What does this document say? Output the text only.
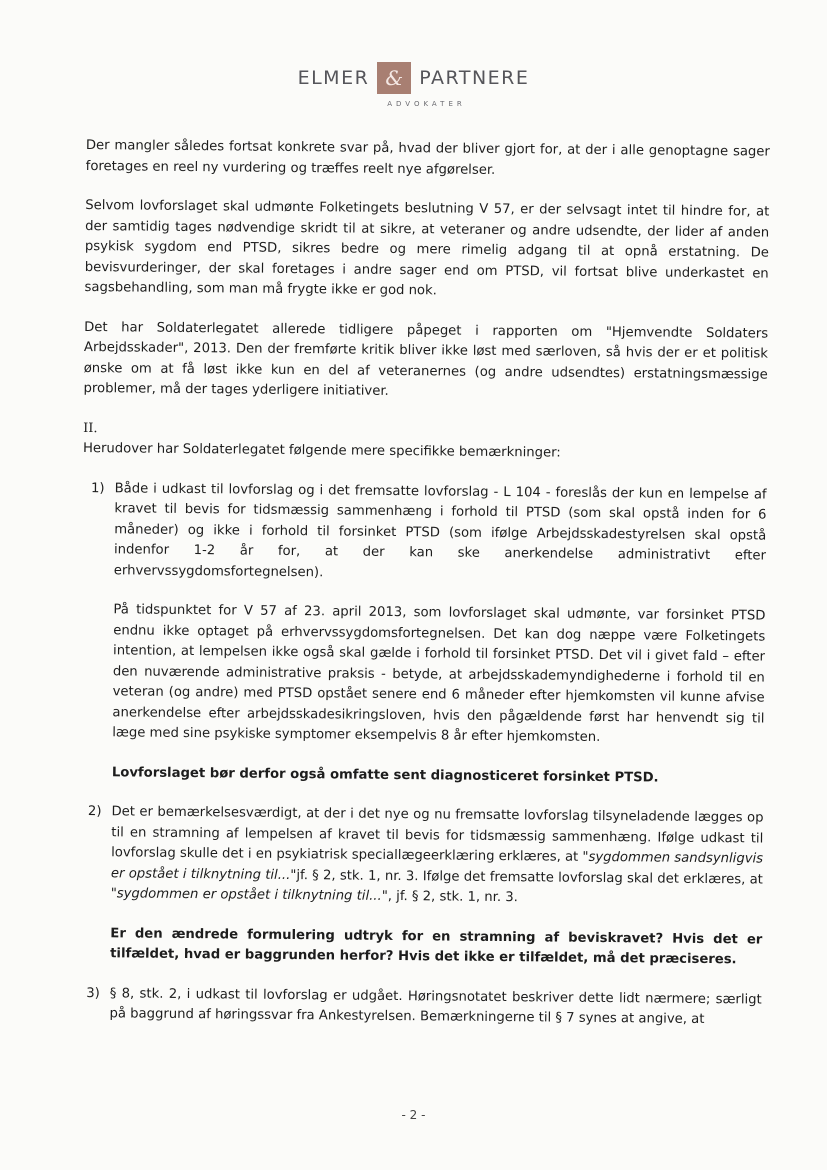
ELMER & PARTNERE
ADVOKATER

Der mangler således fortsat konkrete svar på, hvad der bliver gjort for, at der i alle genoptagne sager foretages en reel ny vurdering og træffes reelt nye afgørelser.

Selvom lovforslaget skal udmønte Folketingets beslutning V 57, er der selvsagt intet til hindre for, at der samtidig tages nødvendige skridt til at sikre, at veteraner og andre udsendte, der lider af anden psykisk sygdom end PTSD, sikres bedre og mere rimelig adgang til at opnå erstatning. De bevisvurderinger, der skal foretages i andre sager end om PTSD, vil fortsat blive underkastet en sagsbehandling, som man må frygte ikke er god nok.

Det har Soldaterlegatet allerede tidligere påpeget i rapporten om "Hjemvendte Soldaters Arbejdsskader", 2013. Den der fremførte kritik bliver ikke løst med særloven, så hvis der er et politisk ønske om at få løst ikke kun en del af veteranernes (og andre udsendtes) erstatningsmæssige problemer, må der tages yderligere initiativer.

II.

Herudover har Soldaterlegatet følgende mere specifikke bemærkninger:

1) Både i udkast til lovforslag og i det fremsatte lovforslag - L 104 - foreslås der kun en lempelse af kravet til bevis for tidsmæssig sammenhæng i forhold til PTSD (som skal opstå inden for 6 måneder) og ikke i forhold til forsinket PTSD (som ifølge Arbejdsskadestyrelsen skal opstå indenfor 1-2 år for, at der kan ske anerkendelse administrativt efter erhvervssygdomsfortegnelsen).

På tidspunktet for V 57 af 23. april 2013, som lovforslaget skal udmønte, var forsinket PTSD endnu ikke optaget på erhvervssygdomsfortegnelsen. Det kan dog næppe være Folketingets intention, at lempelsen ikke også skal gælde i forhold til forsinket PTSD. Det vil i givet fald – efter den nuværende administrative praksis - betyde, at arbejdsskademyndighederne i forhold til en veteran (og andre) med PTSD opstået senere end 6 måneder efter hjemkomsten vil kunne afvise anerkendelse efter arbejdsskadesikringsloven, hvis den pågældende først har henvendt sig til læge med sine psykiske symptomer eksempelvis 8 år efter hjemkomsten.

Lovforslaget bør derfor også omfatte sent diagnosticeret forsinket PTSD.

2) Det er bemærkelsesværdigt, at der i det nye og nu fremsatte lovforslag tilsyneladende lægges op til en stramning af lempelsen af kravet til bevis for tidsmæssig sammenhæng. Ifølge udkast til lovforslag skulle det i en psykiatrisk speciallægeerklæring erklæres, at "sygdommen sandsynligvis er opstået i tilknytning til..."jf. § 2, stk. 1, nr. 3. Ifølge det fremsatte lovforslag skal det erklæres, at "sygdommen er opstået i tilknytning til...", jf. § 2, stk. 1, nr. 3.

Er den ændrede formulering udtryk for en stramning af beviskravet? Hvis det er tilfældet, hvad er baggrunden herfor? Hvis det ikke er tilfældet, må det præciseres.

3) § 8, stk. 2, i udkast til lovforslag er udgået. Høringsnotatet beskriver dette lidt nærmere; særligt på baggrund af høringssvar fra Ankestyrelsen. Bemærkningerne til § 7 synes at angive, at

- 2 -
